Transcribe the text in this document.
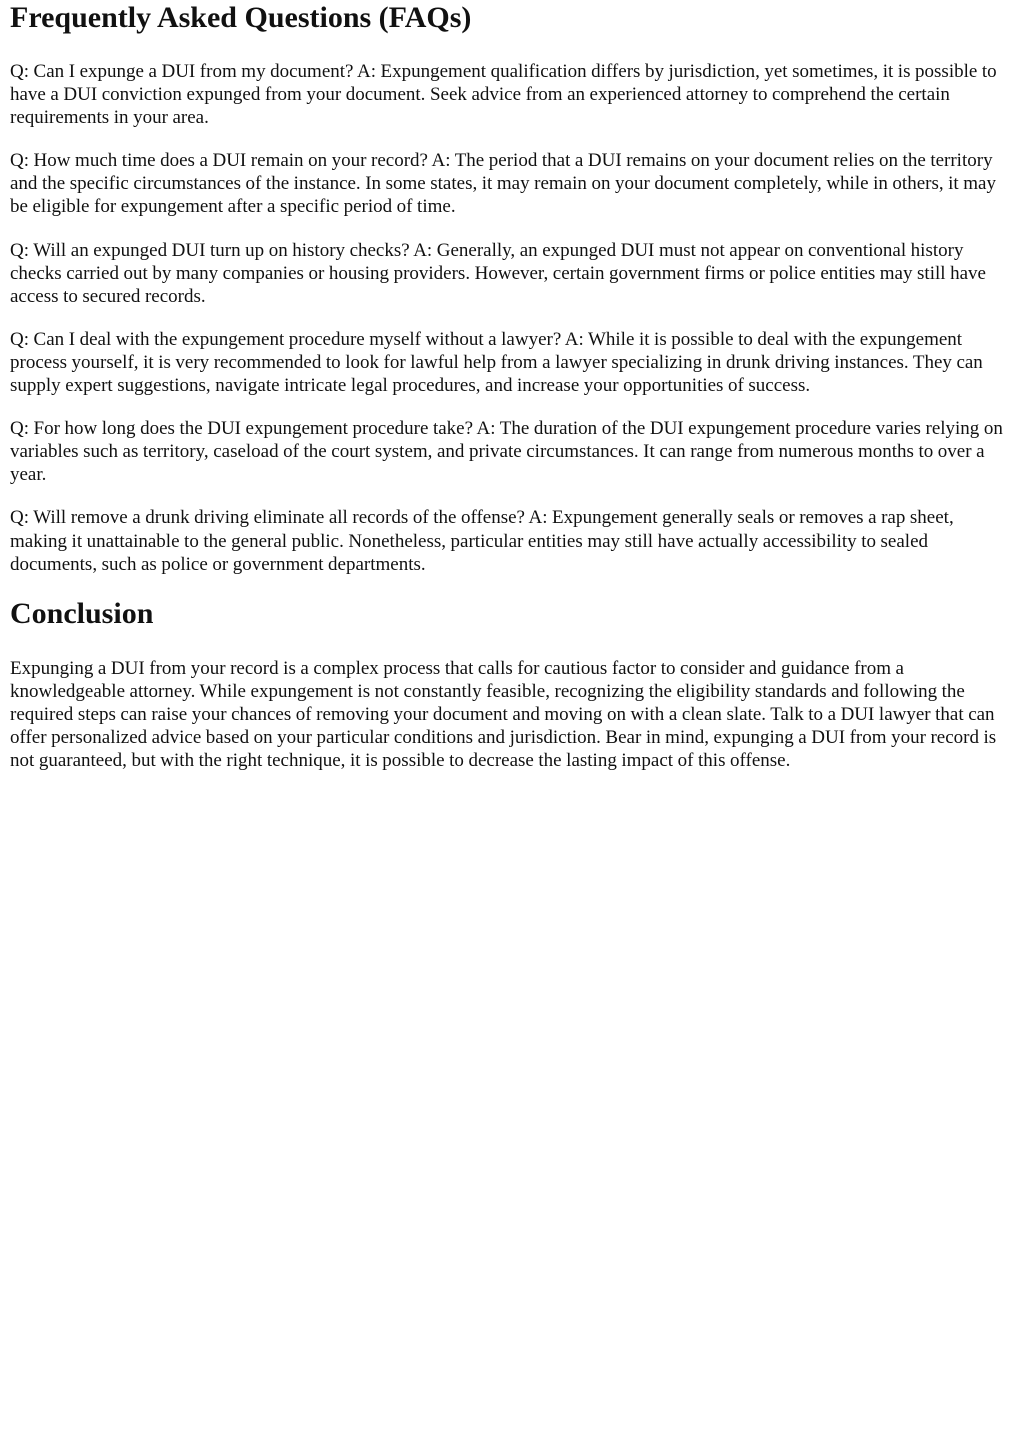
Frequently Asked Questions (FAQs)

Q: Can I expunge a DUI from my document? A: Expungement qualification differs by jurisdiction, yet sometimes, it is possible to have a DUI conviction expunged from your document. Seek advice from an experienced attorney to comprehend the certain requirements in your area.

Q: How much time does a DUI remain on your record? A: The period that a DUI remains on your document relies on the territory and the specific circumstances of the instance. In some states, it may remain on your document completely, while in others, it may be eligible for expungement after a specific period of time.

Q: Will an expunged DUI turn up on history checks? A: Generally, an expunged DUI must not appear on conventional history checks carried out by many companies or housing providers. However, certain government firms or police entities may still have access to secured records.

Q: Can I deal with the expungement procedure myself without a lawyer? A: While it is possible to deal with the expungement process yourself, it is very recommended to look for lawful help from a lawyer specializing in drunk driving instances. They can supply expert suggestions, navigate intricate legal procedures, and increase your opportunities of success.

Q: For how long does the DUI expungement procedure take? A: The duration of the DUI expungement procedure varies relying on variables such as territory, caseload of the court system, and private circumstances. It can range from numerous months to over a year.

Q: Will remove a drunk driving eliminate all records of the offense? A: Expungement generally seals or removes a rap sheet, making it unattainable to the general public. Nonetheless, particular entities may still have actually accessibility to sealed documents, such as police or government departments.

Conclusion

Expunging a DUI from your record is a complex process that calls for cautious factor to consider and guidance from a knowledgeable attorney. While expungement is not constantly feasible, recognizing the eligibility standards and following the required steps can raise your chances of removing your document and moving on with a clean slate. Talk to a DUI lawyer that can offer personalized advice based on your particular conditions and jurisdiction. Bear in mind, expunging a DUI from your record is not guaranteed, but with the right technique, it is possible to decrease the lasting impact of this offense.
